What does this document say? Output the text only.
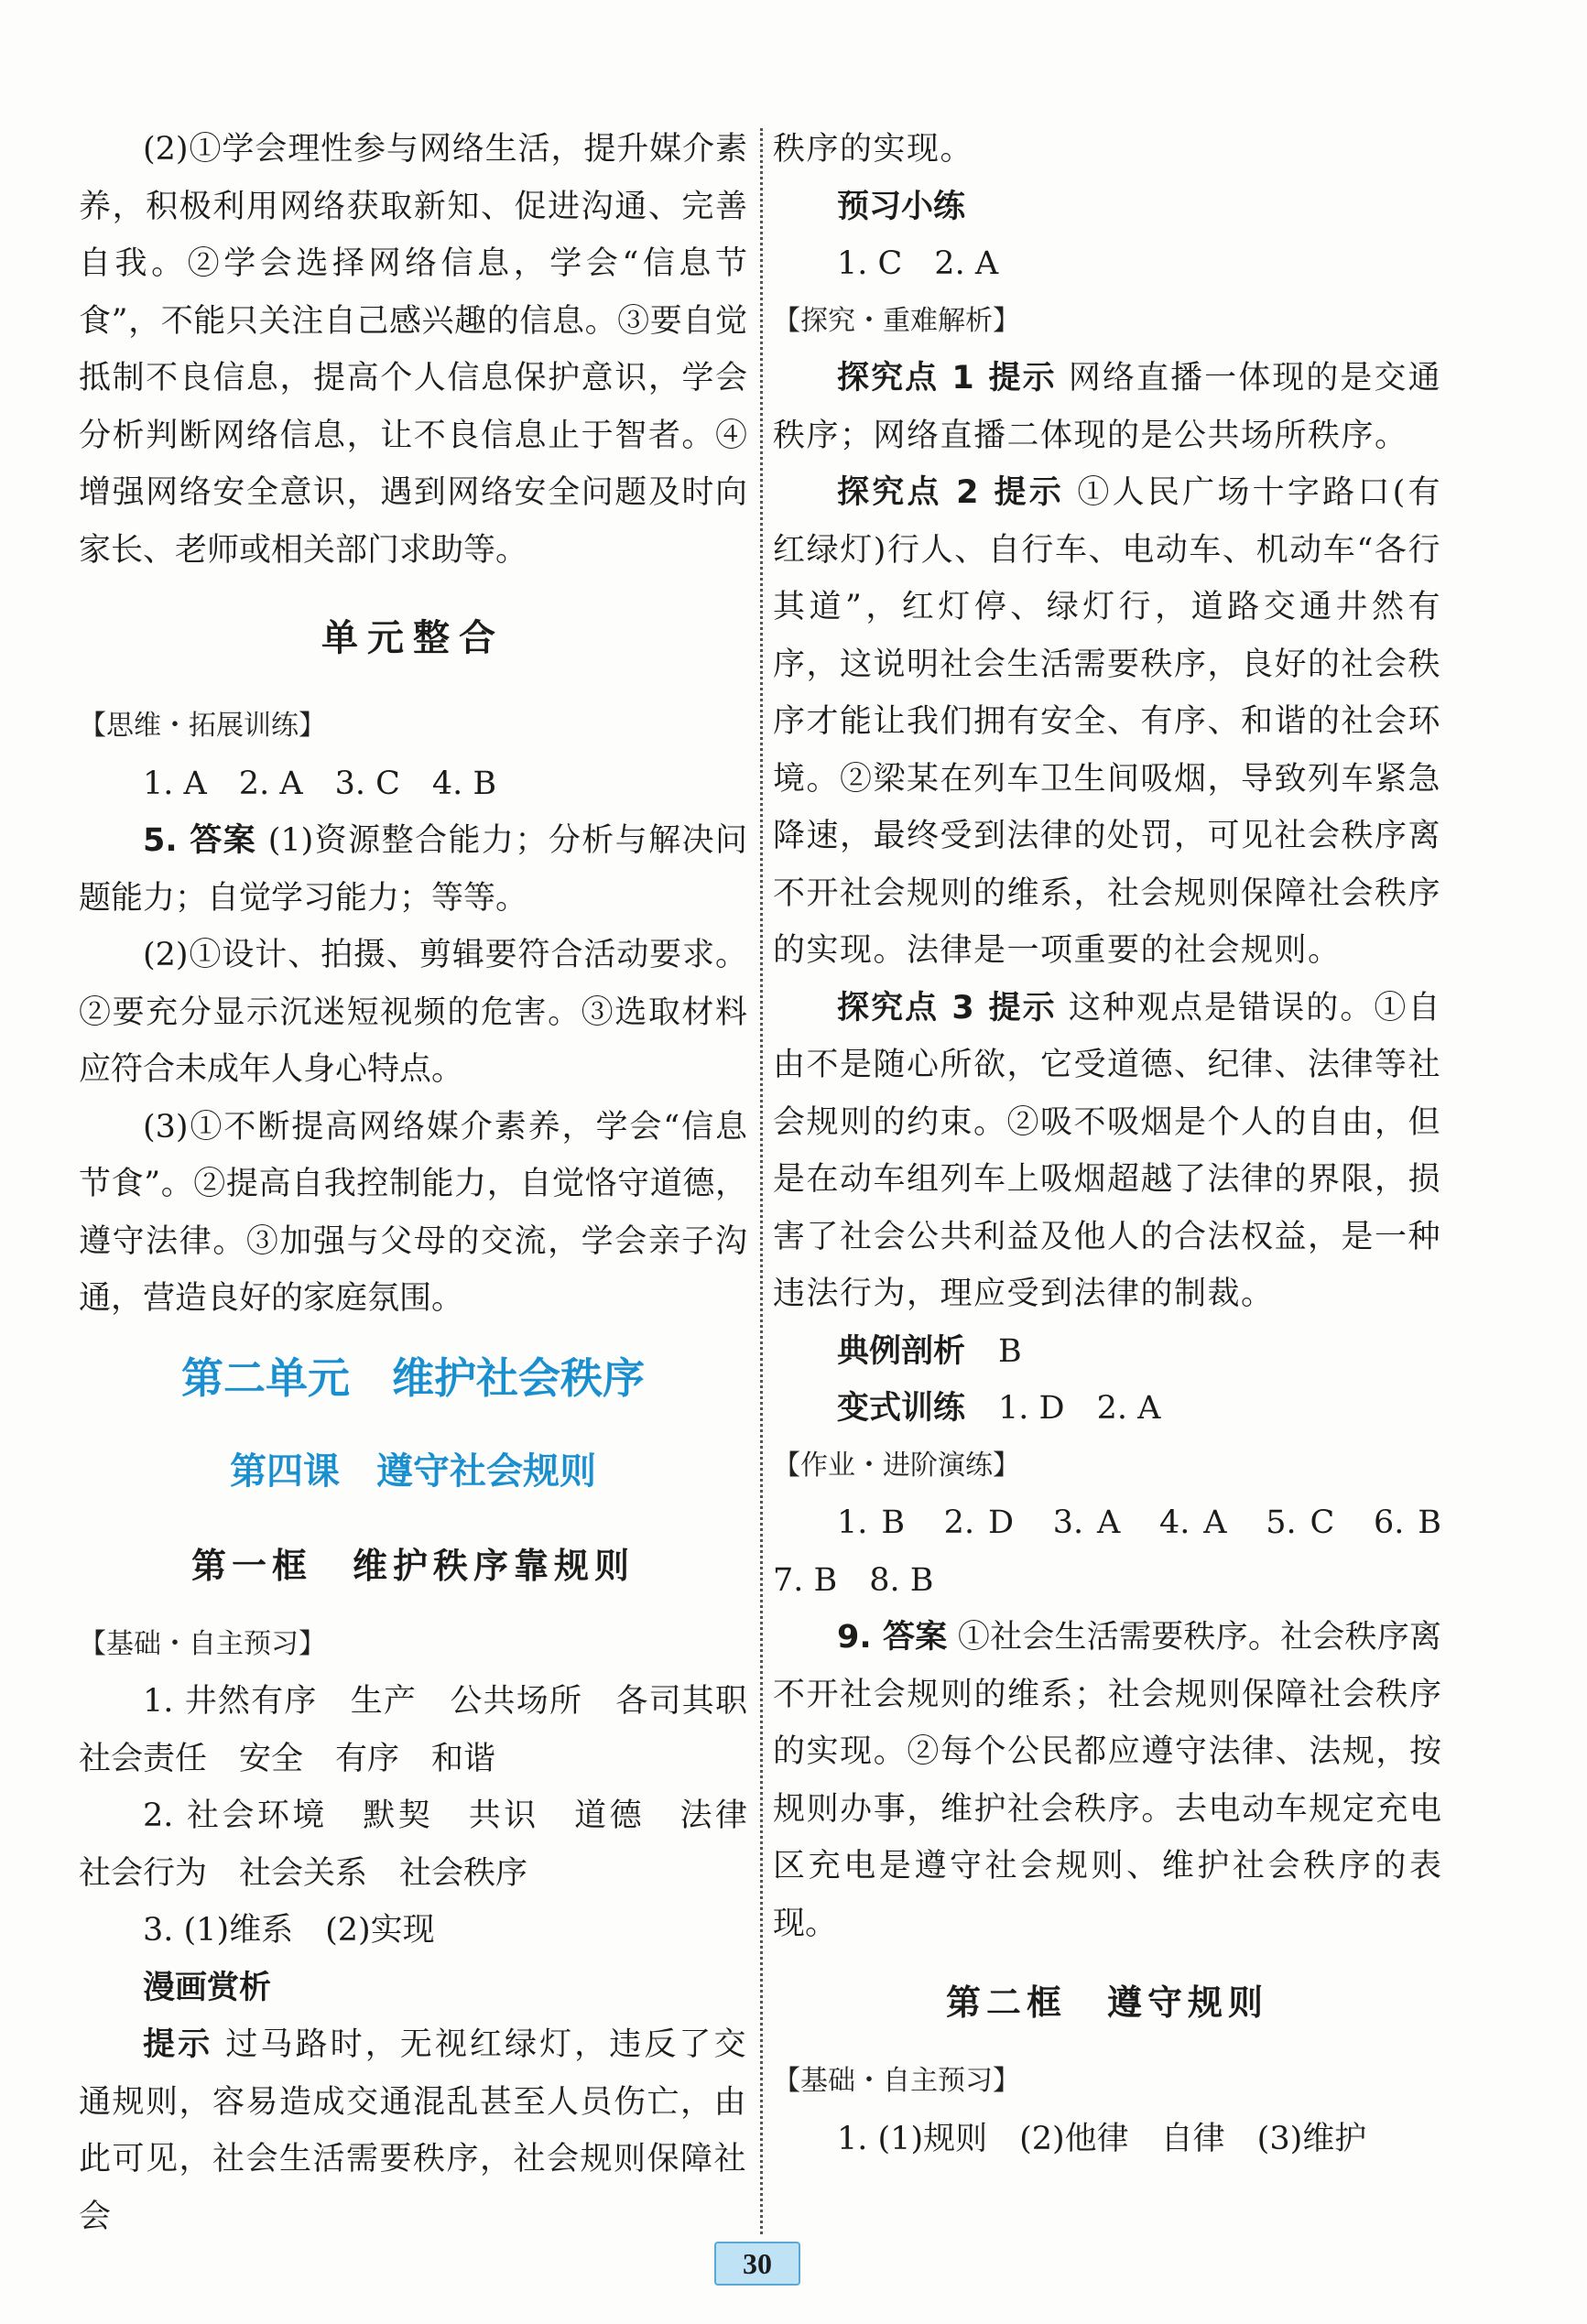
(2)①学会理性参与网络生活，提升媒介素养，积极利用网络获取新知、促进沟通、完善自我。②学会选择网络信息，学会“信息节食”，不能只关注自己感兴趣的信息。③要自觉抵制不良信息，提高个人信息保护意识，学会分析判断网络信息，让不良信息止于智者。④增强网络安全意识，遇到网络安全问题及时向家长、老师或相关部门求助等。

单元整合

【思维・拓展训练】

1. A　2. A　3. C　4. B

5. 答案 (1)资源整合能力；分析与解决问题能力；自觉学习能力；等等。

(2)①设计、拍摄、剪辑要符合活动要求。②要充分显示沉迷短视频的危害。③选取材料应符合未成年人身心特点。

(3)①不断提高网络媒介素养，学会“信息节食”。②提高自我控制能力，自觉恪守道德，遵守法律。③加强与父母的交流，学会亲子沟通，营造良好的家庭氛围。

第二单元　维护社会秩序
第四课　遵守社会规则
第一框　维护秩序靠规则

【基础・自主预习】

1. 井然有序　生产　公共场所　各司其职　社会责任　安全　有序　和谐

2. 社会环境　默契　共识　道德　法律　社会行为　社会关系　社会秩序

3. (1)维系　(2)实现

漫画赏析

提示 过马路时，无视红绿灯，违反了交通规则，容易造成交通混乱甚至人员伤亡，由此可见，社会生活需要秩序，社会规则保障社会

秩序的实现。

预习小练

1. C　2. A

【探究・重难解析】

探究点 1 提示 网络直播一体现的是交通秩序；网络直播二体现的是公共场所秩序。

探究点 2 提示 ①人民广场十字路口(有红绿灯)行人、自行车、电动车、机动车“各行其道”，红灯停、绿灯行，道路交通井然有序，这说明社会生活需要秩序，良好的社会秩序才能让我们拥有安全、有序、和谐的社会环境。②梁某在列车卫生间吸烟，导致列车紧急降速，最终受到法律的处罚，可见社会秩序离不开社会规则的维系，社会规则保障社会秩序的实现。法律是一项重要的社会规则。

探究点 3 提示 这种观点是错误的。①自由不是随心所欲，它受道德、纪律、法律等社会规则的约束。②吸不吸烟是个人的自由，但是在动车组列车上吸烟超越了法律的界限，损害了社会公共利益及他人的合法权益，是一种违法行为，理应受到法律的制裁。

典例剖析 B

变式训练 1. D　2. A

【作业・进阶演练】

1. B　2. D　3. A　4. A　5. C　6. B　7. B　8. B

9. 答案 ①社会生活需要秩序。社会秩序离不开社会规则的维系；社会规则保障社会秩序的实现。②每个公民都应遵守法律、法规，按规则办事，维护社会秩序。去电动车规定充电区充电是遵守社会规则、维护社会秩序的表现。

第二框　遵守规则

【基础・自主预习】

1. (1)规则　(2)他律　自律　(3)维护

30
